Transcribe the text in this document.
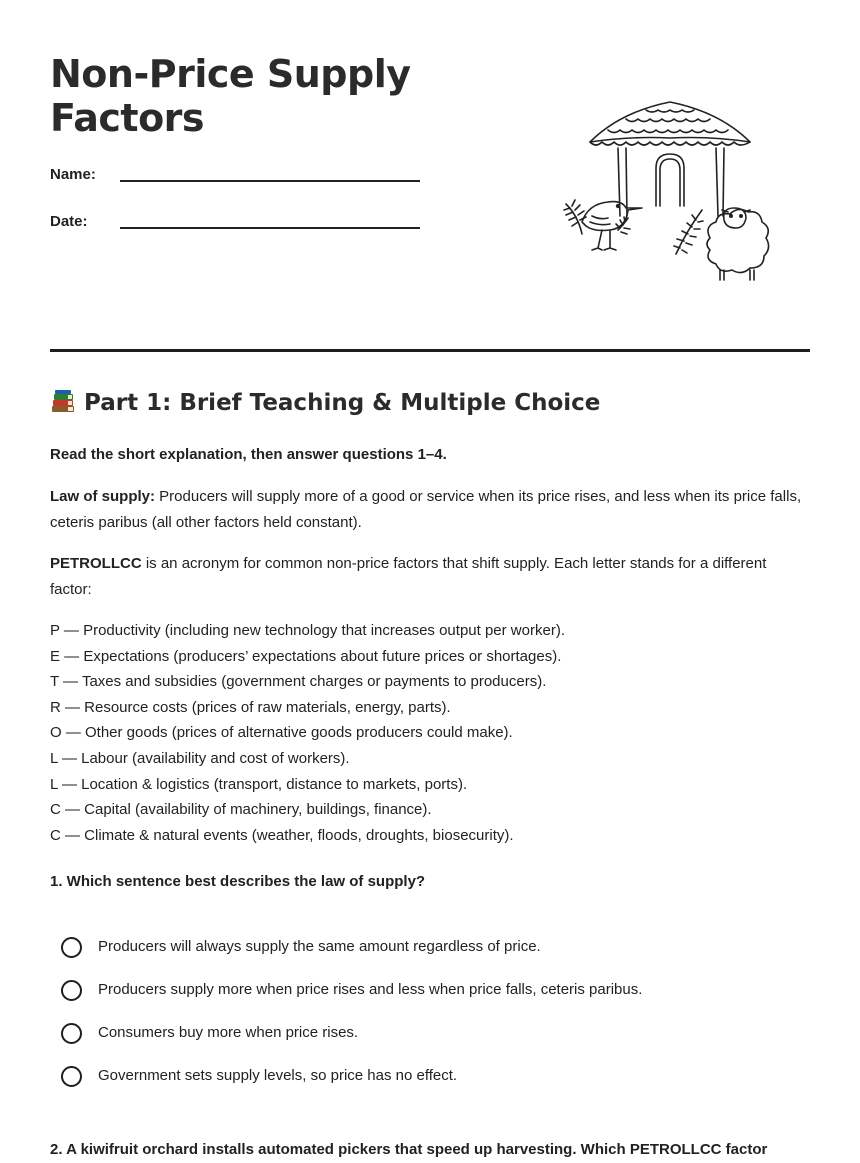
Non-Price Supply Factors
Name:
Date:
Part 1: Brief Teaching & Multiple Choice
Read the short explanation, then answer questions 1–4.
Law of supply: Producers will supply more of a good or service when its price rises, and less when its price falls, ceteris paribus (all other factors held constant).
PETROLLCC is an acronym for common non-price factors that shift supply. Each letter stands for a different factor:
P — Productivity (including new technology that increases output per worker).
E — Expectations (producers’ expectations about future prices or shortages).
T — Taxes and subsidies (government charges or payments to producers).
R — Resource costs (prices of raw materials, energy, parts).
O — Other goods (prices of alternative goods producers could make).
L — Labour (availability and cost of workers).
L — Location & logistics (transport, distance to markets, ports).
C — Capital (availability of machinery, buildings, finance).
C — Climate & natural events (weather, floods, droughts, biosecurity).
1. Which sentence best describes the law of supply?
Producers will always supply the same amount regardless of price.
Producers supply more when price rises and less when price falls, ceteris paribus.
Consumers buy more when price rises.
Government sets supply levels, so price has no effect.
2. A kiwifruit orchard installs automated pickers that speed up harvesting. Which PETROLLCC factor
